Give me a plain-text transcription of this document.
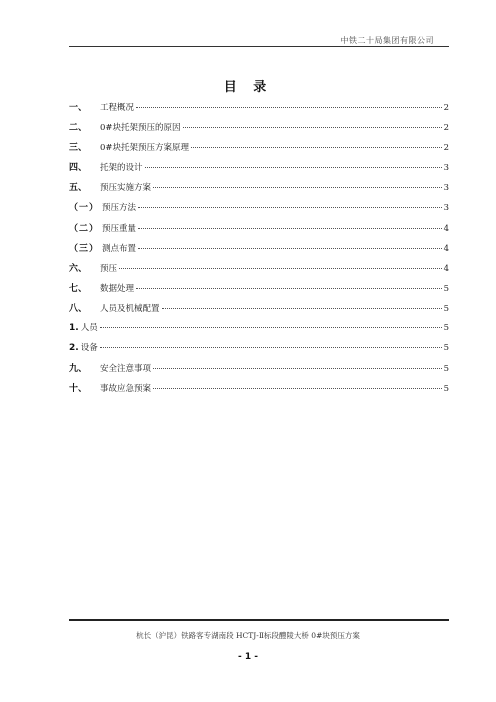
中铁二十局集团有限公司
目 录
一、	工程概况	2
二、	0#块托架预压的原因	2
三、	0#块托架预压方案原理	2
四、	托架的设计	3
五、	预压实施方案	3
（一） 预压方法	3
（二） 预压重量	4
（三） 测点布置	4
六、	预压	4
七、	数据处理	5
八、	人员及机械配置	5
1. 人员	5
2. 设备	5
九、	安全注意事项	5
十、	事故应急预案	5
杭长（沪昆）铁路客专湖南段 HCTJ-Ⅱ标段醴陵大桥 0#块预压方案
- 1 -
